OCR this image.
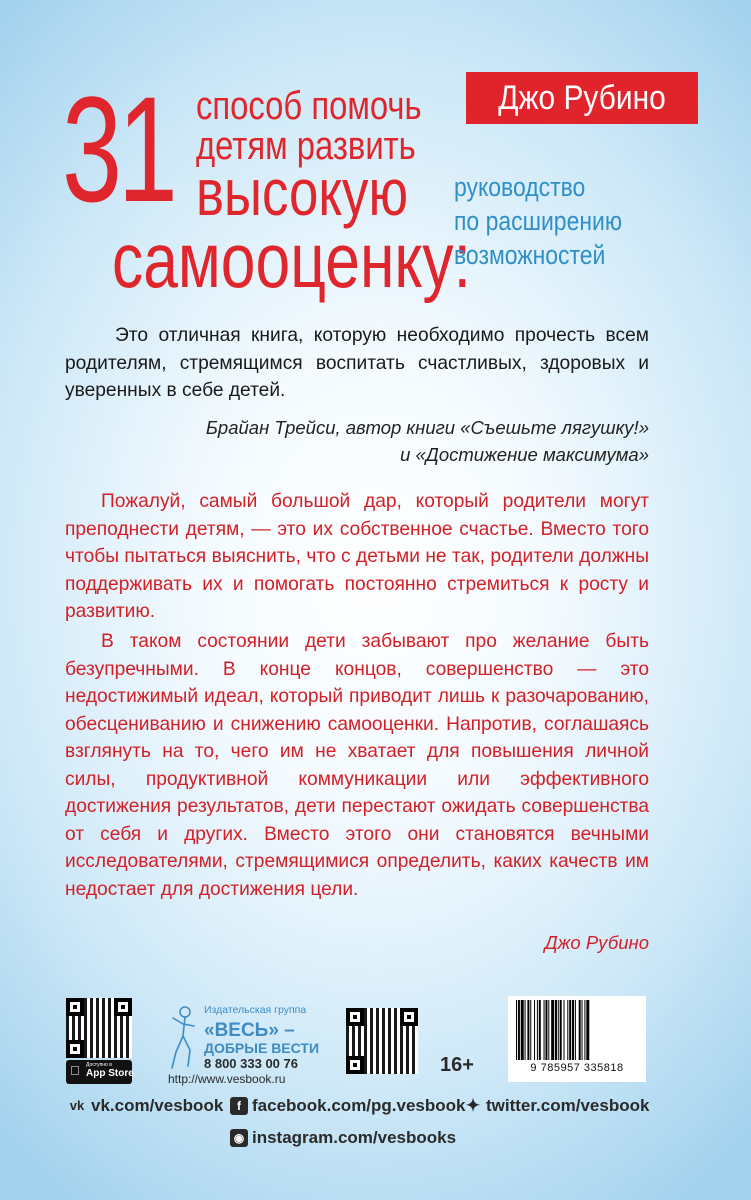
31 способ помочь
детям развить
высокую
самооценку:
Джо Рубино
руководство
по расширению
возможностей
Это отличная книга, которую необходимо прочесть всем родителям, стремящимся воспитать счастливых, здоровых и уверенных в себе детей.
Брайан Трейси, автор книги «Съешьте лягушку!»
и «Достижение максимума»
Пожалуй, самый большой дар, который родители могут преподнести детям, — это их собственное счастье. Вместо того чтобы пытаться выяснить, что с детьми не так, родители должны поддерживать их и помогать постоянно стремиться к росту и развитию.
В таком состоянии дети забывают про желание быть безупречными. В конце концов, совершенство — это недостижимый идеал, который приводит лишь к разочарованию, обесцениванию и снижению самооценки. Напротив, соглашаясь взглянуть на то, чего им не хватает для повышения личной силы, продуктивной коммуникации или эффективного достижения результатов, дети перестают ожидать совершенства от себя и других. Вместо этого они становятся вечными исследователями, стремящимися определить, каких качеств им недостает для достижения цели.
Джо Рубино
Доступно в
App Store
Издательская группа
«ВЕСЬ» –
ДОБРЫЕ ВЕСТИ
8 800 333 00 76
http://www.vesbook.ru
16+	9 785957 335818
vk vk.com/vesbook	f facebook.com/pg.vesbook ✦ twitter.com/vesbook
◉ instagram.com/vesbooks
